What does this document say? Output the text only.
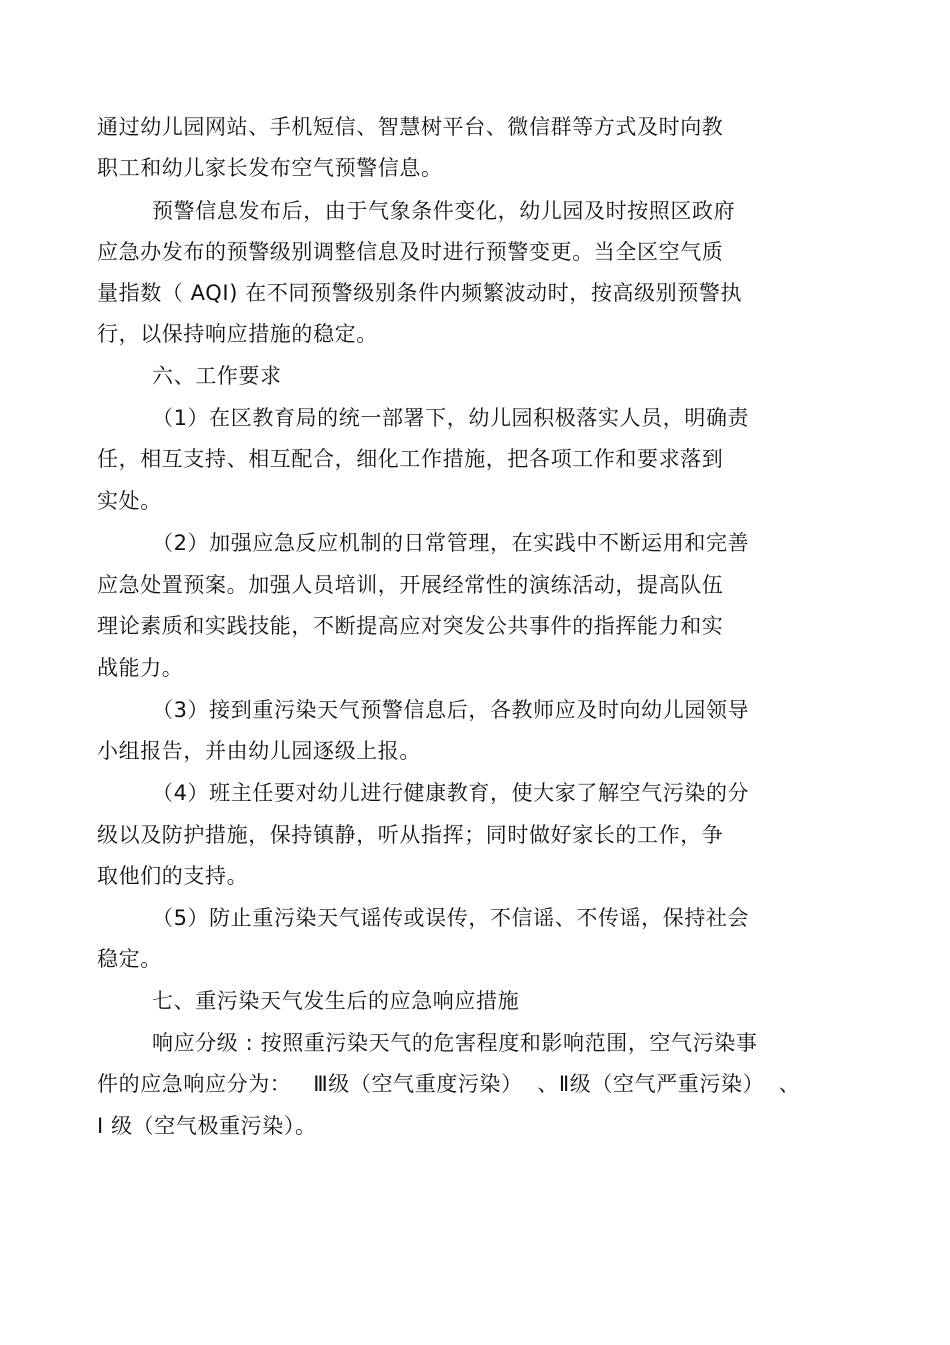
通过幼儿园网站、手机短信、智慧树平台、微信群等方式及时向教
职工和幼儿家长发布空气预警信息。
预警信息发布后，由于气象条件变化，幼儿园及时按照区政府
应急办发布的预警级别调整信息及时进行预警变更。当全区空气质
量指数（ AQI) 在不同预警级别条件内频繁波动时，按高级别预警执
行，以保持响应措施的稳定。
六、工作要求
（1）在区教育局的统一部署下，幼儿园积极落实人员，明确责
任，相互支持、相互配合，细化工作措施，把各项工作和要求落到
实处。
（2）加强应急反应机制的日常管理，在实践中不断运用和完善
应急处置预案。加强人员培训，开展经常性的演练活动，提高队伍
理论素质和实践技能，不断提高应对突发公共事件的指挥能力和实
战能力。
（3）接到重污染天气预警信息后，各教师应及时向幼儿园领导
小组报告，并由幼儿园逐级上报。
（4）班主任要对幼儿进行健康教育，使大家了解空气污染的分
级以及防护措施，保持镇静，听从指挥；同时做好家长的工作，争
取他们的支持。
（5）防止重污染天气谣传或误传，不信谣、不传谣，保持社会
稳定。
七、重污染天气发生后的应急响应措施
响应分级 : 按照重污染天气的危害程度和影响范围，空气污染事
件的应急响应分为：   Ⅲ级（空气重度污染）  、Ⅱ级（空气严重污染）  、
Ⅰ 级（空气极重污染）。
